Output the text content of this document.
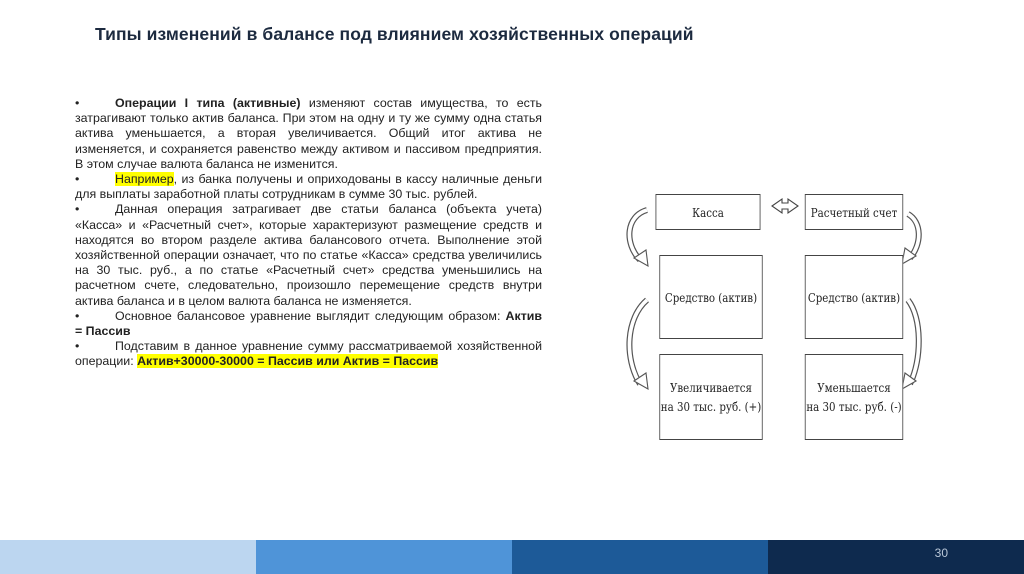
Типы изменений в балансе под влиянием хозяйственных операций

•	Операции I типа (активные) изменяют состав имущества, то есть затрагивают только актив баланса. При этом на одну и ту же сумму одна статья актива уменьшается, а вторая увеличивается. Общий итог актива не изменяется, и сохраняется равенство между активом и пассивом предприятия. В этом случае валюта баланса не изменится.

•	Например, из банка получены и оприходованы в кассу наличные деньги для выплаты заработной платы сотрудникам в сумме 30 тыс. рублей.

•	Данная операция затрагивает две статьи баланса (объекта учета) «Касса» и «Расчетный счет», которые характеризуют размещение средств и находятся во втором разделе актива балансового отчета. Выполнение этой хозяйственной операции означает, что по статье «Касса» средства увеличились на 30 тыс. руб., а по статье «Расчетный счет» средства уменьшились на расчетном счете, следовательно, произошло перемещение средств внутри актива баланса и в целом валюта баланса не изменяется.

•	Основное балансовое уравнение выглядит следующим образом: Актив = Пассив

•	Подставим в данное уравнение сумму рассматриваемой хозяйственной операции: Актив+30000-30000 = Пассив или Актив = Пассив

Касса	Расчетный счет
Средство (актив)	Средство (актив)
Увеличивается
на 30 тыс. руб. (+)
Уменьшается
на 30 тыс. руб. (-)
30
